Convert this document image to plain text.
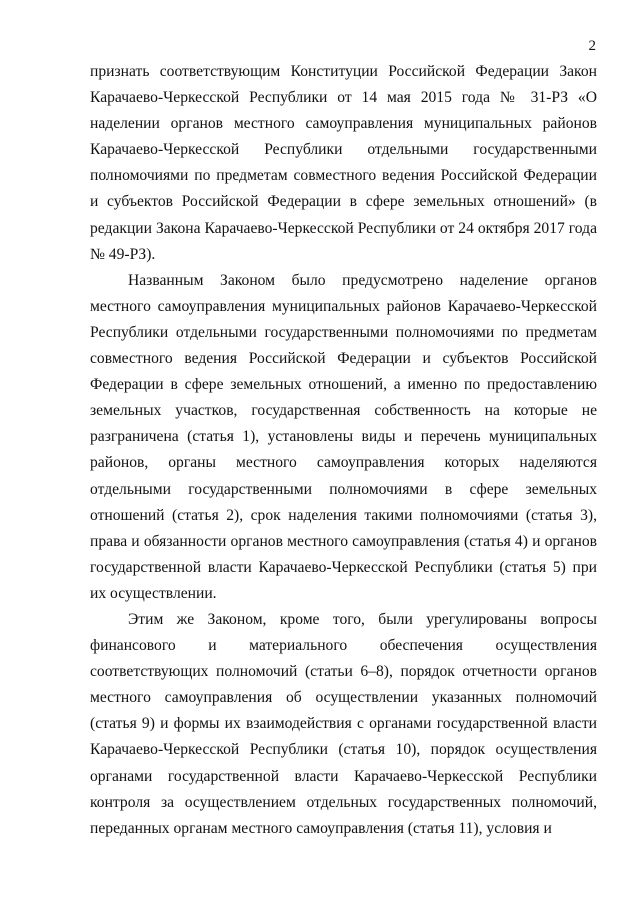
2

признать соответствующим Конституции Российской Федерации Закон Карачаево-Черкесской Республики от 14 мая 2015 года № 31-РЗ «О наделении органов местного самоуправления муниципальных районов Карачаево-Черкесской Республики отдельными государственными полномочиями по предметам совместного ведения Российской Федерации и субъектов Российской Федерации в сфере земельных отношений» (в редакции Закона Карачаево-Черкесской Республики от 24 октября 2017 года № 49-РЗ).

Названным Законом было предусмотрено наделение органов местного самоуправления муниципальных районов Карачаево-Черкесской Республики отдельными государственными полномочиями по предметам совместного ведения Российской Федерации и субъектов Российской Федерации в сфере земельных отношений, а именно по предоставлению земельных участков, государственная собственность на которые не разграничена (статья 1), установлены виды и перечень муниципальных районов, органы местного самоуправления которых наделяются отдельными государственными полномочиями в сфере земельных отношений (статья 2), срок наделения такими полномочиями (статья 3), права и обязанности органов местного самоуправления (статья 4) и органов государственной власти Карачаево-Черкесской Республики (статья 5) при их осуществлении.

Этим же Законом, кроме того, были урегулированы вопросы финансового и материального обеспечения осуществления соответствующих полномочий (статьи 6–8), порядок отчетности органов местного самоуправления об осуществлении указанных полномочий (статья 9) и формы их взаимодействия с органами государственной власти Карачаево-Черкесской Республики (статья 10), порядок осуществления органами государственной власти Карачаево-Черкесской Республики контроля за осуществлением отдельных государственных полномочий, переданных органам местного самоуправления (статья 11), условия и
